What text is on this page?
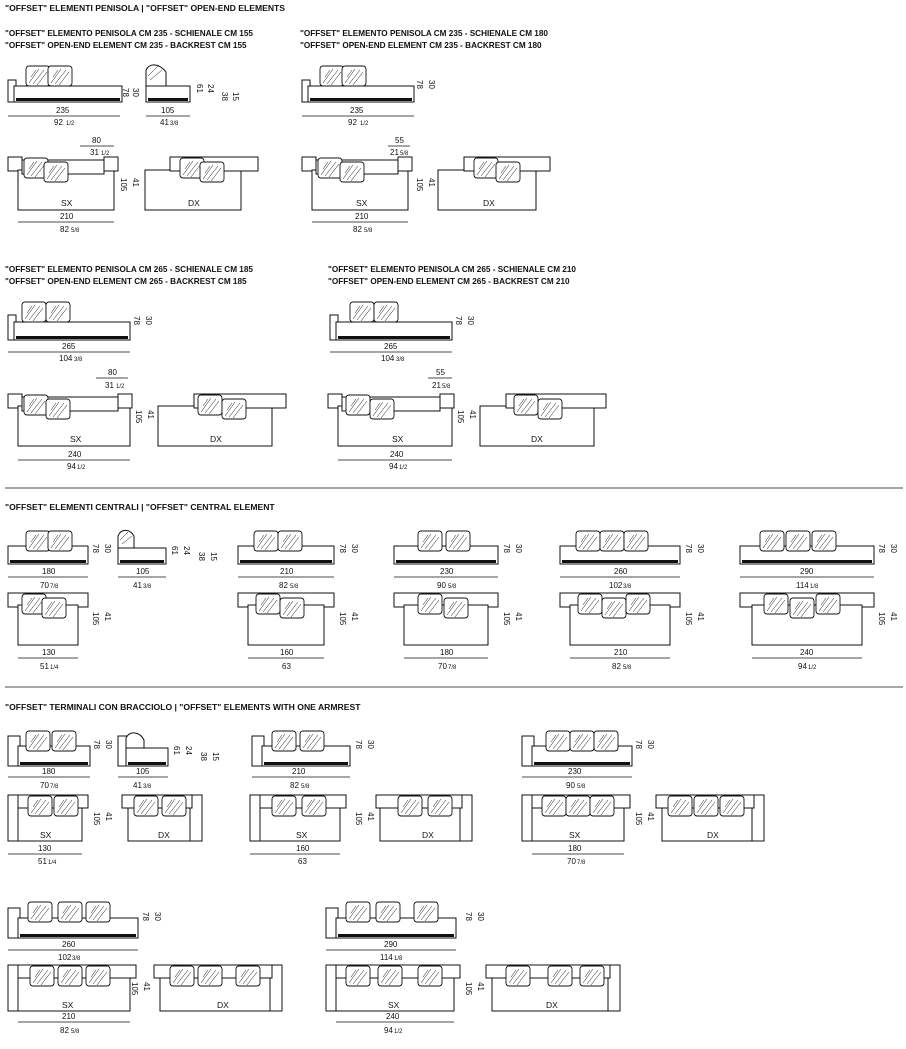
"OFFSET" ELEMENTI PENISOLA | "OFFSET" OPEN-END ELEMENTS
"OFFSET" ELEMENTO PENISOLA CM 235 - SCHIENALE CM 155
"OFFSET" OPEN-END ELEMENT CM 235 - BACKREST CM 155
235
92 1/2
78 30
105
41 3/8
61 24
38 15
SX
80
31 1/2
105 41
DX
210
82 5/8
"OFFSET" ELEMENTO PENISOLA CM 235 - SCHIENALE CM 180
"OFFSET" OPEN-END ELEMENT CM 235 - BACKREST CM 180
235
92 1/2
78 30
SX
55
21 5/8
105 41
DX
210
82 5/8
"OFFSET" ELEMENTO PENISOLA CM 265 - SCHIENALE CM 185
"OFFSET" OPEN-END ELEMENT CM 265 - BACKREST CM 185
265
104 3/8
78 30
SX
80
31 1/2
105 41
DX
240
94 1/2
"OFFSET" ELEMENTO PENISOLA CM 265 - SCHIENALE CM 210
"OFFSET" OPEN-END ELEMENT CM 265 - BACKREST CM 210
265
104 3/8
78 30
SX
55
21 5/8
105 41
DX
240
94 1/2
"OFFSET" ELEMENTI CENTRALI | "OFFSET" CENTRAL ELEMENT
180
70 7/8
78 30
105
41 3/8
61 24
38 15
105 41
130
51 1/4
210
82 5/8
78 30
105 41
160
63
230
90 5/8
78 30
105 41
180
70 7/8
260
102 3/8
78 30
105 41
210
82 5/8
290
114 1/8
78 30
105 41
240
94 1/2
"OFFSET" TERMINALI CON BRACCIOLO | "OFFSET" ELEMENTS WITH ONE ARMREST
180
70 7/8
78 30
105
41 3/8
61 24
38 15
SX
105 41
DX
130
51 1/4
210
82 5/8
78 30
SX
105 41
DX
160
63
230
90 5/8
78 30
SX
105 41
DX
180
70 7/8
260
102 3/8
78 30
SX
105 41
DX
210
82 5/8
290
114 1/8
78 30
SX
105 41
DX
240
94 1/2
